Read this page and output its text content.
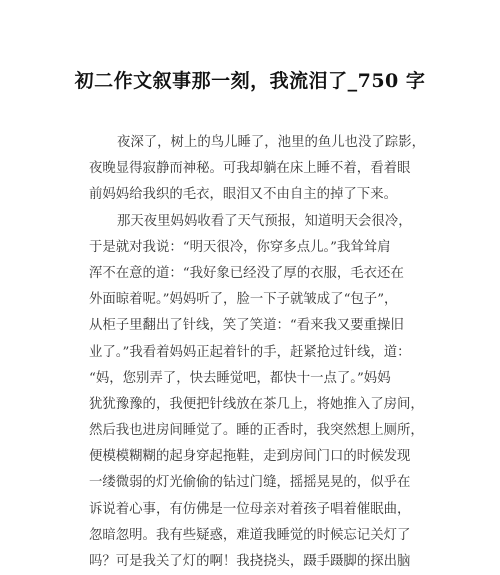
初二作文叙事那一刻，我流泪了_750 字
夜深了，树上的鸟儿睡了，池里的鱼儿也没了踪影，
夜晚显得寂静而神秘。可我却躺在床上睡不着，看着眼
前妈妈给我织的毛衣，眼泪又不由自主的掉了下来。
那天夜里妈妈收看了天气预报，知道明天会很冷，
于是就对我说：“明天很冷，你穿多点儿。”我耸耸肩
浑不在意的道：“我好象已经没了厚的衣服，毛衣还在
外面晾着呢。”妈妈听了，脸一下子就皱成了“包子”，
从柜子里翻出了针线，笑了笑道：“看来我又要重操旧
业了。”我看着妈妈正起着针的手，赶紧抢过针线，道：
“妈，您别弄了，快去睡觉吧，都快十一点了。”妈妈
犹犹豫豫的，我便把针线放在茶几上，将她推入了房间，
然后我也进房间睡觉了。睡的正香时，我突然想上厕所，
便模模糊糊的起身穿起拖鞋，走到房间门口的时候发现
一缕微弱的灯光偷偷的钻过门缝，摇摇晃晃的，似乎在
诉说着心事，有仿佛是一位母亲对着孩子唱着催眠曲，
忽暗忽明。我有些疑惑，难道我睡觉的时候忘记关灯了
吗？可是我关了灯的啊！我挠挠头，蹑手蹑脚的探出脑
